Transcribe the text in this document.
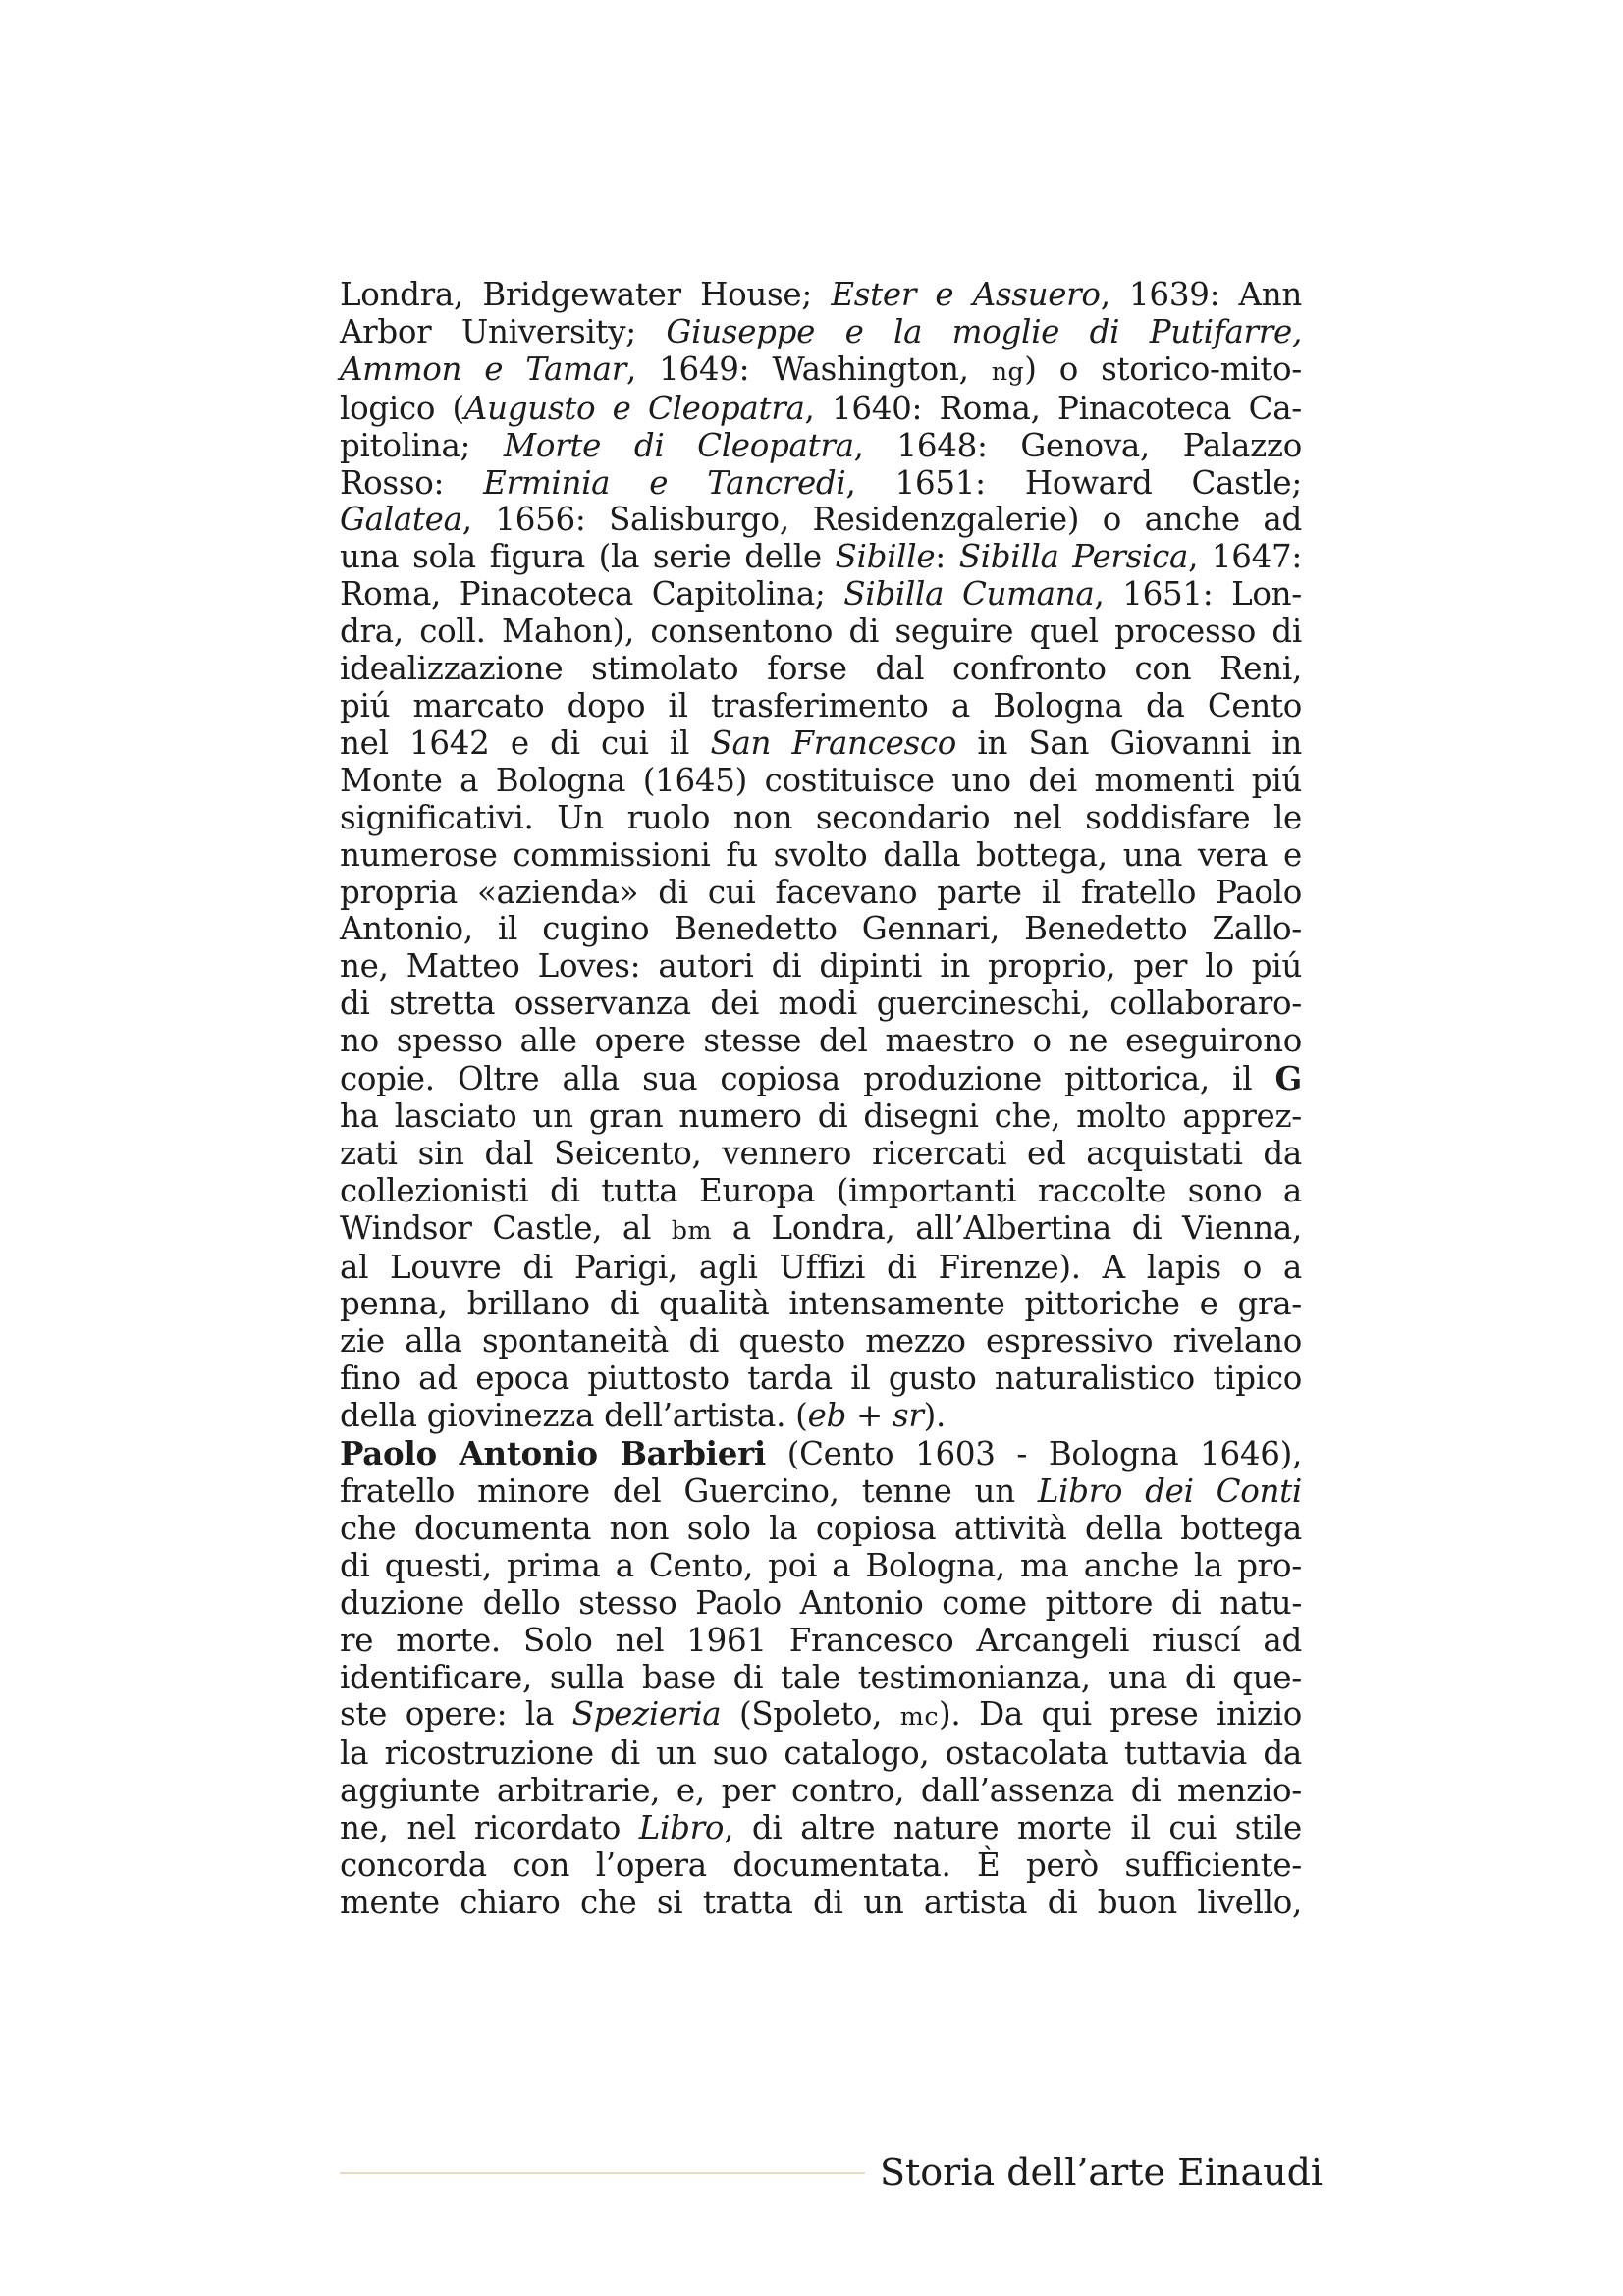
Londra, Bridgewater House; Ester e Assuero, 1639: Ann
Arbor University; Giuseppe e la moglie di Putifarre,
Ammon e Tamar, 1649: Washington, ng) o storico-mito-
logico (Augusto e Cleopatra, 1640: Roma, Pinacoteca Ca-
pitolina; Morte di Cleopatra, 1648: Genova, Palazzo
Rosso: Erminia e Tancredi, 1651: Howard Castle;
Galatea, 1656: Salisburgo, Residenzgalerie) o anche ad
una sola figura (la serie delle Sibille: Sibilla Persica, 1647:
Roma, Pinacoteca Capitolina; Sibilla Cumana, 1651: Lon-
dra, coll. Mahon), consentono di seguire quel processo di
idealizzazione stimolato forse dal confronto con Reni,
piú marcato dopo il trasferimento a Bologna da Cento
nel 1642 e di cui il San Francesco in San Giovanni in
Monte a Bologna (1645) costituisce uno dei momenti piú
significativi. Un ruolo non secondario nel soddisfare le
numerose commissioni fu svolto dalla bottega, una vera e
propria «azienda» di cui facevano parte il fratello Paolo
Antonio, il cugino Benedetto Gennari, Benedetto Zallo-
ne, Matteo Loves: autori di dipinti in proprio, per lo piú
di stretta osservanza dei modi guercineschi, collaboraro-
no spesso alle opere stesse del maestro o ne eseguirono
copie. Oltre alla sua copiosa produzione pittorica, il G
ha lasciato un gran numero di disegni che, molto apprez-
zati sin dal Seicento, vennero ricercati ed acquistati da
collezionisti di tutta Europa (importanti raccolte sono a
Windsor Castle, al bm a Londra, all’Albertina di Vienna,
al Louvre di Parigi, agli Uffizi di Firenze). A lapis o a
penna, brillano di qualità intensamente pittoriche e gra-
zie alla spontaneità di questo mezzo espressivo rivelano
fino ad epoca piuttosto tarda il gusto naturalistico tipico
della giovinezza dell’artista. (eb + sr).
Paolo Antonio Barbieri (Cento 1603 - Bologna 1646),
fratello minore del Guercino, tenne un Libro dei Conti
che documenta non solo la copiosa attività della bottega
di questi, prima a Cento, poi a Bologna, ma anche la pro-
duzione dello stesso Paolo Antonio come pittore di natu-
re morte. Solo nel 1961 Francesco Arcangeli riuscí ad
identificare, sulla base di tale testimonianza, una di que-
ste opere: la Spezieria (Spoleto, mc). Da qui prese inizio
la ricostruzione di un suo catalogo, ostacolata tuttavia da
aggiunte arbitrarie, e, per contro, dall’assenza di menzio-
ne, nel ricordato Libro, di altre nature morte il cui stile
concorda con l’opera documentata. È però sufficiente-
mente chiaro che si tratta di un artista di buon livello,
Storia dell’arte Einaudi
